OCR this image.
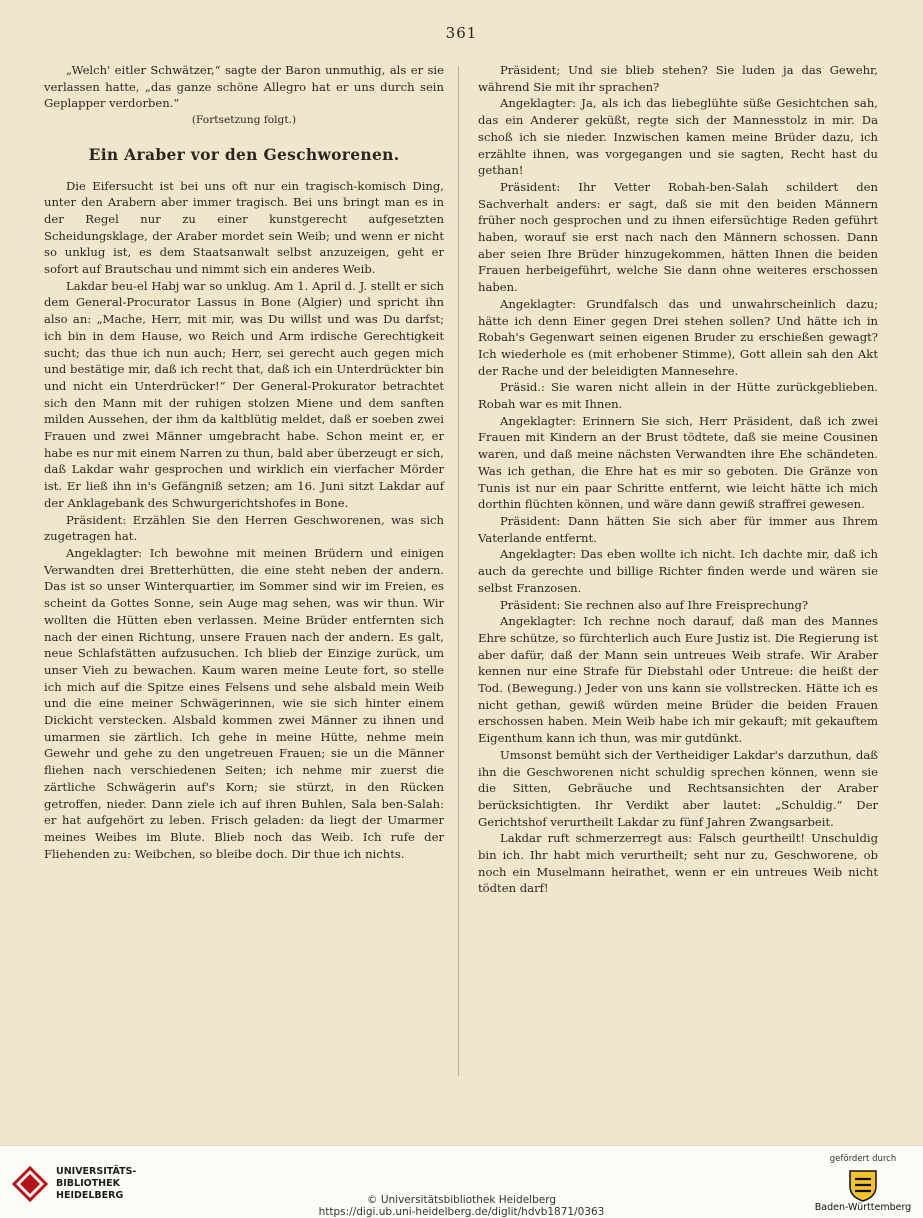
361

„Welch' eitler Schwätzer,“ sagte der Baron unmuthig, als er sie verlassen hatte, „das ganze schöne Allegro hat er uns durch sein Geplapper verdorben.“

(Fortsetzung folgt.)
Ein Araber vor den Geschworenen.

Die Eifersucht ist bei uns oft nur ein tragisch-komisch Ding, unter den Arabern aber immer tragisch. Bei uns bringt man es in der Regel nur zu einer kunstgerecht aufgesetzten Scheidungsklage, der Araber mordet sein Weib; und wenn er nicht so unklug ist, es dem Staatsanwalt selbst anzuzeigen, geht er sofort auf Brautschau und nimmt sich ein anderes Weib.

Lakdar beu-el Habj war so unklug. Am 1. April d. J. stellt er sich dem General-Procurator Lassus in Bone (Algier) und spricht ihn also an: „Mache, Herr, mit mir, was Du willst und was Du darfst; ich bin in dem Hause, wo Reich und Arm irdische Gerechtigkeit sucht; das thue ich nun auch; Herr, sei gerecht auch gegen mich und bestätige mir, daß ich recht that, daß ich ein Unterdrückter bin und nicht ein Unterdrücker!“ Der General-Prokurator betrachtet sich den Mann mit der ruhigen stolzen Miene und dem sanften milden Aussehen, der ihm da kaltblütig meldet, daß er soeben zwei Frauen und zwei Männer umgebracht habe. Schon meint er, er habe es nur mit einem Narren zu thun, bald aber überzeugt er sich, daß Lakdar wahr gesprochen und wirklich ein vierfacher Mörder ist. Er ließ ihn in's Gefängniß setzen; am 16. Juni sitzt Lakdar auf der Anklagebank des Schwurgerichtshofes in Bone.

Präsident: Erzählen Sie den Herren Geschworenen, was sich zugetragen hat.

Angeklagter: Ich bewohne mit meinen Brüdern und einigen Verwandten drei Bretterhütten, die eine steht neben der andern. Das ist so unser Winterquartier, im Sommer sind wir im Freien, es scheint da Gottes Sonne, sein Auge mag sehen, was wir thun. Wir wollten die Hütten eben verlassen. Meine Brüder entfernten sich nach der einen Richtung, unsere Frauen nach der andern. Es galt, neue Schlafstätten aufzusuchen. Ich blieb der Einzige zurück, um unser Vieh zu bewachen. Kaum waren meine Leute fort, so stelle ich mich auf die Spitze eines Felsens und sehe alsbald mein Weib und die eine meiner Schwägerinnen, wie sie sich hinter einem Dickicht verstecken. Alsbald kommen zwei Männer zu ihnen und umarmen sie zärtlich. Ich gehe in meine Hütte, nehme mein Gewehr und gehe zu den ungetreuen Frauen; sie un die Männer fliehen nach verschiedenen Seiten; ich nehme mir zuerst die zärtliche Schwägerin auf's Korn; sie stürzt, in den Rücken getroffen, nieder. Dann ziele ich auf ihren Buhlen, Sala ben-Salah: er hat aufgehört zu leben. Frisch geladen: da liegt der Umarmer meines Weibes im Blute. Blieb noch das Weib. Ich rufe der Fliehenden zu: Weibchen, so bleibe doch. Dir thue ich nichts.

Präsident; Und sie blieb stehen? Sie luden ja das Gewehr, während Sie mit ihr sprachen?

Angeklagter: Ja, als ich das liebeglühte süße Gesichtchen sah, das ein Anderer geküßt, regte sich der Mannesstolz in mir. Da schoß ich sie nieder. Inzwischen kamen meine Brüder dazu, ich erzählte ihnen, was vorgegangen und sie sagten, Recht hast du gethan!

Präsident: Ihr Vetter Robah-ben-Salah schildert den Sachverhalt anders: er sagt, daß sie mit den beiden Männern früher noch gesprochen und zu ihnen eifersüchtige Reden geführt haben, worauf sie erst nach nach den Männern schossen. Dann aber seien Ihre Brüder hinzugekommen, hätten Ihnen die beiden Frauen herbeigeführt, welche Sie dann ohne weiteres erschossen haben.

Angeklagter: Grundfalsch das und unwahrscheinlich dazu; hätte ich denn Einer gegen Drei stehen sollen? Und hätte ich in Robah's Gegenwart seinen eigenen Bruder zu erschießen gewagt? Ich wiederhole es (mit erhobener Stimme), Gott allein sah den Akt der Rache und der beleidigten Mannesehre.

Präsid.: Sie waren nicht allein in der Hütte zurückgeblieben. Robah war es mit Ihnen.

Angeklagter: Erinnern Sie sich, Herr Präsident, daß ich zwei Frauen mit Kindern an der Brust tödtete, daß sie meine Cousinen waren, und daß meine nächsten Verwandten ihre Ehe schändeten. Was ich gethan, die Ehre hat es mir so geboten. Die Gränze von Tunis ist nur ein paar Schritte entfernt, wie leicht hätte ich mich dorthin flüchten können, und wäre dann gewiß straffrei gewesen.

Präsident: Dann hätten Sie sich aber für immer aus Ihrem Vaterlande entfernt.

Angeklagter: Das eben wollte ich nicht. Ich dachte mir, daß ich auch da gerechte und billige Richter finden werde und wären sie selbst Franzosen.

Präsident: Sie rechnen also auf Ihre Freisprechung?

Angeklagter: Ich rechne noch darauf, daß man des Mannes Ehre schütze, so fürchterlich auch Eure Justiz ist. Die Regierung ist aber dafür, daß der Mann sein untreues Weib strafe. Wir Araber kennen nur eine Strafe für Diebstahl oder Untreue: die heißt der Tod. (Bewegung.) Jeder von uns kann sie vollstrecken. Hätte ich es nicht gethan, gewiß würden meine Brüder die beiden Frauen erschossen haben. Mein Weib habe ich mir gekauft; mit gekauftem Eigenthum kann ich thun, was mir gutdünkt.

Umsonst bemüht sich der Vertheidiger Lakdar's darzuthun, daß ihn die Geschworenen nicht schuldig sprechen können, wenn sie die Sitten, Gebräuche und Rechtsansichten der Araber berücksichtigten. Ihr Verdikt aber lautet: „Schuldig.“ Der Gerichtshof verurtheilt Lakdar zu fünf Jahren Zwangsarbeit.

Lakdar ruft schmerzerregt aus: Falsch geurtheilt! Unschuldig bin ich. Ihr habt mich verurtheilt; seht nur zu, Geschworene, ob noch ein Muselmann heirathet, wenn er ein untreues Weib nicht tödten darf!

UNIVERSITÄTS-
BIBLIOTHEK
HEIDELBERG	© Universitätsbibliothek Heidelberg
https://digi.ub.uni-heidelberg.de/diglit/hdvb1871/0363
gefördert durch
Baden-Württemberg
